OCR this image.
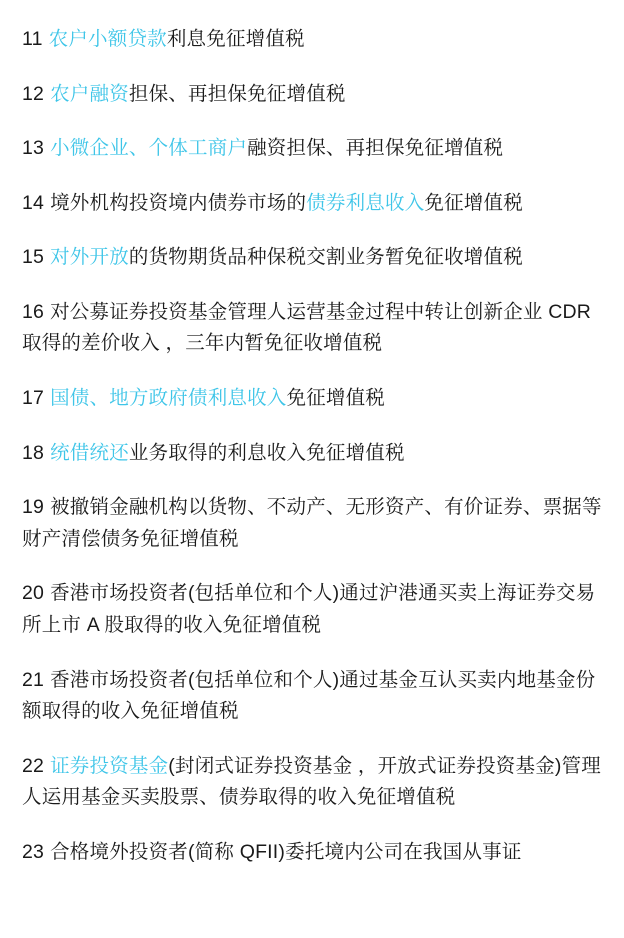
11 农户小额贷款利息免征增值税

12 农户融资担保、再担保免征增值税

13 小微企业、个体工商户融资担保、再担保免征增值税

14 境外机构投资境内债券市场的债券利息收入免征增值税

15 对外开放的货物期货品种保税交割业务暂免征收增值税

16 对公募证券投资基金管理人运营基金过程中转让创新企业 CDR 取得的差价收入 ，三年内暂免征收增值税

17 国债、地方政府债利息收入免征增值税

18 统借统还业务取得的利息收入免征增值税

19 被撤销金融机构以货物、不动产、无形资产、有价证券、票据等财产清偿债务免征增值税

20 香港市场投资者(包括单位和个人)通过沪港通买卖上海证券交易所上市 A 股取得的收入免征增值税

21 香港市场投资者(包括单位和个人)通过基金互认买卖内地基金份额取得的收入免征增值税

22 证券投资基金(封闭式证券投资基金 ，开放式证券投资基金)管理人运用基金买卖股票、债券取得的收入免征增值税

23 合格境外投资者(简称 QFII)委托境内公司在我国从事证
